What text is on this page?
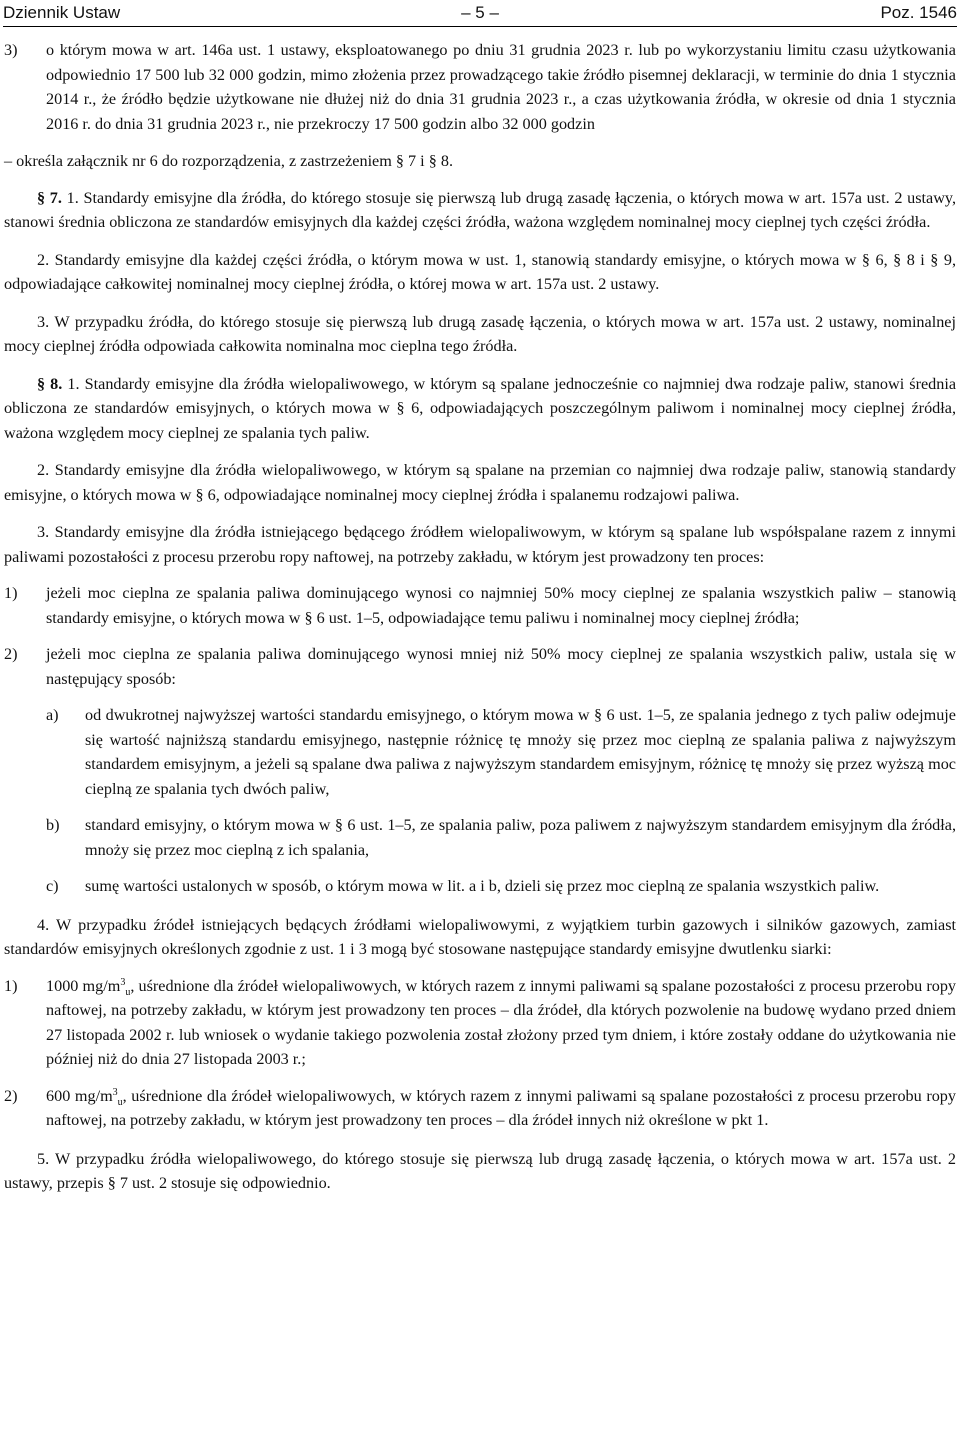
Dziennik Ustaw	– 5 –	Poz. 1546
3) o którym mowa w art. 146a ust. 1 ustawy, eksploatowanego po dniu 31 grudnia 2023 r. lub po wykorzystaniu limitu czasu użytkowania odpowiednio 17 500 lub 32 000 godzin, mimo złożenia przez prowadzącego takie źródło pisemnej deklaracji, w terminie do dnia 1 stycznia 2014 r., że źródło będzie użytkowane nie dłużej niż do dnia 31 grudnia 2023 r., a czas użytkowania źródła, w okresie od dnia 1 stycznia 2016 r. do dnia 31 grudnia 2023 r., nie przekroczy 17 500 godzin albo 32 000 godzin

– określa załącznik nr 6 do rozporządzenia, z zastrzeżeniem § 7 i § 8.

§ 7. 1. Standardy emisyjne dla źródła, do którego stosuje się pierwszą lub drugą zasadę łączenia, o których mowa w art. 157a ust. 2 ustawy, stanowi średnia obliczona ze standardów emisyjnych dla każdej części źródła, ważona względem nominalnej mocy cieplnej tych części źródła.

2. Standardy emisyjne dla każdej części źródła, o którym mowa w ust. 1, stanowią standardy emisyjne, o których mowa w § 6, § 8 i § 9, odpowiadające całkowitej nominalnej mocy cieplnej źródła, o której mowa w art. 157a ust. 2 ustawy.

3. W przypadku źródła, do którego stosuje się pierwszą lub drugą zasadę łączenia, o których mowa w art. 157a ust. 2 ustawy, nominalnej mocy cieplnej źródła odpowiada całkowita nominalna moc cieplna tego źródła.

§ 8. 1. Standardy emisyjne dla źródła wielopaliwowego, w którym są spalane jednocześnie co najmniej dwa rodzaje paliw, stanowi średnia obliczona ze standardów emisyjnych, o których mowa w § 6, odpowiadających poszczególnym paliwom i nominalnej mocy cieplnej źródła, ważona względem mocy cieplnej ze spalania tych paliw.

2. Standardy emisyjne dla źródła wielopaliwowego, w którym są spalane na przemian co najmniej dwa rodzaje paliw, stanowią standardy emisyjne, o których mowa w § 6, odpowiadające nominalnej mocy cieplnej źródła i spalanemu rodzajowi paliwa.

3. Standardy emisyjne dla źródła istniejącego będącego źródłem wielopaliwowym, w którym są spalane lub współspalane razem z innymi paliwami pozostałości z procesu przerobu ropy naftowej, na potrzeby zakładu, w którym jest prowadzony ten proces:

1) jeżeli moc cieplna ze spalania paliwa dominującego wynosi co najmniej 50% mocy cieplnej ze spalania wszystkich paliw – stanowią standardy emisyjne, o których mowa w § 6 ust. 1–5, odpowiadające temu paliwu i nominalnej mocy cieplnej źródła;
2) jeżeli moc cieplna ze spalania paliwa dominującego wynosi mniej niż 50% mocy cieplnej ze spalania wszystkich paliw, ustala się w następujący sposób:
a) od dwukrotnej najwyższej wartości standardu emisyjnego, o którym mowa w § 6 ust. 1–5, ze spalania jednego z tych paliw odejmuje się wartość najniższą standardu emisyjnego, następnie różnicę tę mnoży się przez moc cieplną ze spalania paliwa z najwyższym standardem emisyjnym, a jeżeli są spalane dwa paliwa z najwyższym standardem emisyjnym, różnicę tę mnoży się przez wyższą moc cieplną ze spalania tych dwóch paliw,
b) standard emisyjny, o którym mowa w § 6 ust. 1–5, ze spalania paliw, poza paliwem z najwyższym standardem emisyjnym dla źródła, mnoży się przez moc cieplną z ich spalania,
c) sumę wartości ustalonych w sposób, o którym mowa w lit. a i b, dzieli się przez moc cieplną ze spalania wszystkich paliw.

4. W przypadku źródeł istniejących będących źródłami wielopaliwowymi, z wyjątkiem turbin gazowych i silników gazowych, zamiast standardów emisyjnych określonych zgodnie z ust. 1 i 3 mogą być stosowane następujące standardy emisyjne dwutlenku siarki:

1) 1000 $mg/m^3_u$, uśrednione dla źródeł wielopaliwowych, w których razem z innymi paliwami są spalane pozostałości z procesu przerobu ropy naftowej, na potrzeby zakładu, w którym jest prowadzony ten proces – dla źródeł, dla których pozwolenie na budowę wydano przed dniem 27 listopada 2002 r. lub wniosek o wydanie takiego pozwolenia został złożony przed tym dniem, i które zostały oddane do użytkowania nie później niż do dnia 27 listopada 2003 r.;
2) 600 $mg/m^3_u$, uśrednione dla źródeł wielopaliwowych, w których razem z innymi paliwami są spalane pozostałości z procesu przerobu ropy naftowej, na potrzeby zakładu, w którym jest prowadzony ten proces – dla źródeł innych niż określone w pkt 1.

5. W przypadku źródła wielopaliwowego, do którego stosuje się pierwszą lub drugą zasadę łączenia, o których mowa w art. 157a ust. 2 ustawy, przepis § 7 ust. 2 stosuje się odpowiednio.
